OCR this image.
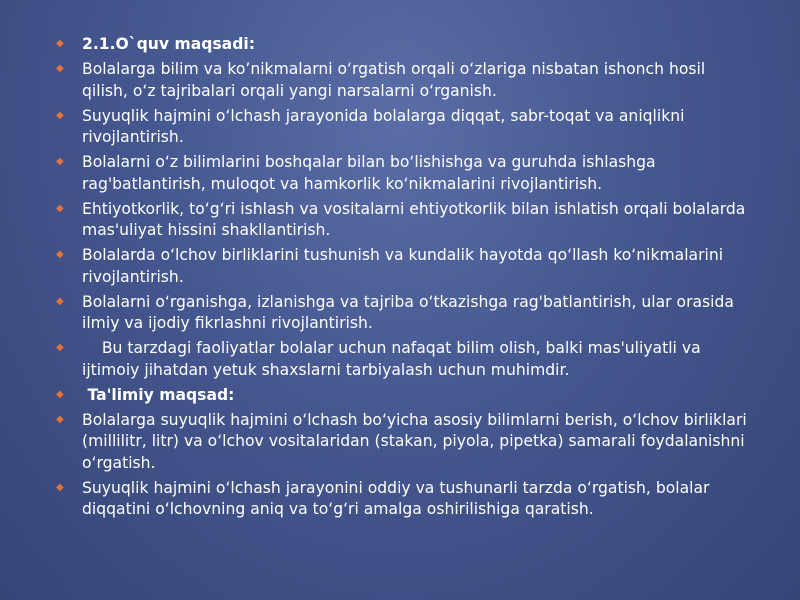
◆ 2.1.O`quv maqsadi:
◆ Bolalarga bilim va ko’nikmalarni o‘rgatish orqali o‘zlariga nisbatan ishonch hosil qilish, o‘z tajribalari orqali yangi narsalarni o‘rganish.
◆ Suyuqlik hajmini o‘lchash jarayonida bolalarga diqqat, sabr-toqat va aniqlikni rivojlantirish.
◆ Bolalarni o‘z bilimlarini boshqalar bilan bo‘lishishga va guruhda ishlashga rag'batlantirish, muloqot va hamkorlik ko‘nikmalarini rivojlantirish.
◆ Ehtiyotkorlik, to‘g‘ri ishlash va vositalarni ehtiyotkorlik bilan ishlatish orqali bolalarda mas'uliyat hissini shakllantirish.
◆ Bolalarda o‘lchov birliklarini tushunish va kundalik hayotda qo‘llash ko‘nikmalarini rivojlantirish.
◆ Bolalarni o‘rganishga, izlanishga va tajriba o‘tkazishga rag'batlantirish, ular orasida ilmiy va ijodiy fikrlashni rivojlantirish.
◆ Bu tarzdagi faoliyatlar bolalar uchun nafaqat bilim olish, balki mas'uliyatli va ijtimoiy jihatdan yetuk shaxslarni tarbiyalash uchun muhimdir.
◆ Ta'limiy maqsad:
◆ Bolalarga suyuqlik hajmini o‘lchash bo‘yicha asosiy bilimlarni berish, o‘lchov birliklari (millilitr, litr) va o‘lchov vositalaridan (stakan, piyola, pipetka) samarali foydalanishni o‘rgatish.
◆ Suyuqlik hajmini o‘lchash jarayonini oddiy va tushunarli tarzda o‘rgatish, bolalar diqqatini o‘lchovning aniq va to‘g‘ri amalga oshirilishiga qaratish.
